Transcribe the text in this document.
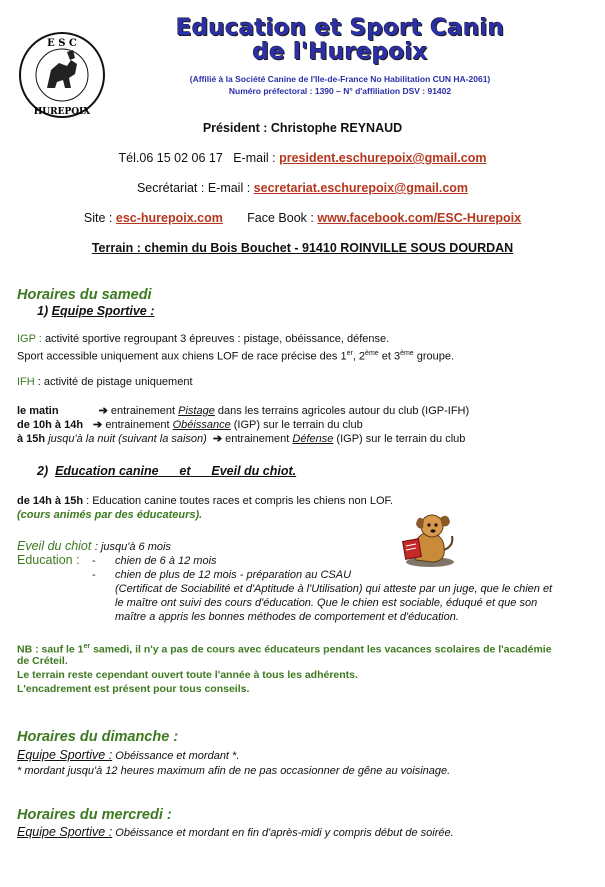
E S C
HUREPOIX
Education et Sport Canin
de l'Hurepoix
(Affilié à la Société Canine de l'Ile-de-France No Habilitation CUN HA-2061)
Numéro préfectoral : 1390 – N° d'affiliation DSV : 91402
Président : Christophe REYNAUD
Tél.06 15 02 06 17 E-mail : president.eschurepoix@gmail.com
Secrétariat : E-mail : secretariat.eschurepoix@gmail.com
Site : esc-hurepoix.com Face Book : www.facebook.com/ESC-Hurepoix
Terrain : chemin du Bois Bouchet - 91410 ROINVILLE SOUS DOURDAN
Horaires du samedi
1) Equipe Sportive :
IGP : activité sportive regroupant 3 épreuves : pistage, obéissance, défense.
Sport accessible uniquement aux chiens LOF de race précise des 1er, 2ème et 3ème groupe.
IFH : activité de pistage uniquement
le matin	➔ entrainement Pistage dans les terrains agricoles autour du club (IGP-IFH)
de 10h à 14h ➔ entrainement Obéissance (IGP) sur le terrain du club
à 15h jusqu'à la nuit (suivant la saison) ➔ entrainement Défense (IGP) sur le terrain du club
2) Education canine et Eveil du chiot.
de 14h à 15h : Education canine toutes races et compris les chiens non LOF.
(cours animés par des éducateurs).
Eveil du chiot : jusqu'à 6 mois
Education : - chien de 6 à 12 mois
- chien de plus de 12 mois - préparation au CSAU
(Certificat de Sociabilité et d'Aptitude à l'Utilisation) qui atteste par un juge, que le chien et
le maître ont suivi des cours d'éducation. Que le chien est sociable, éduqué et que son
maître a appris les bonnes méthodes de comportement et d'éducation.
NB : sauf le 1er samedi, il n'y a pas de cours avec éducateurs pendant les vacances scolaires de l'académie
de Créteil.
Le terrain reste cependant ouvert toute l'année à tous les adhérents.
L'encadrement est présent pour tous conseils.
Horaires du dimanche :
Equipe Sportive : Obéissance et mordant *.
* mordant jusqu'à 12 heures maximum afin de ne pas occasionner de gêne au voisinage.
Horaires du mercredi :
Equipe Sportive : Obéissance et mordant en fin d'après-midi y compris début de soirée.
